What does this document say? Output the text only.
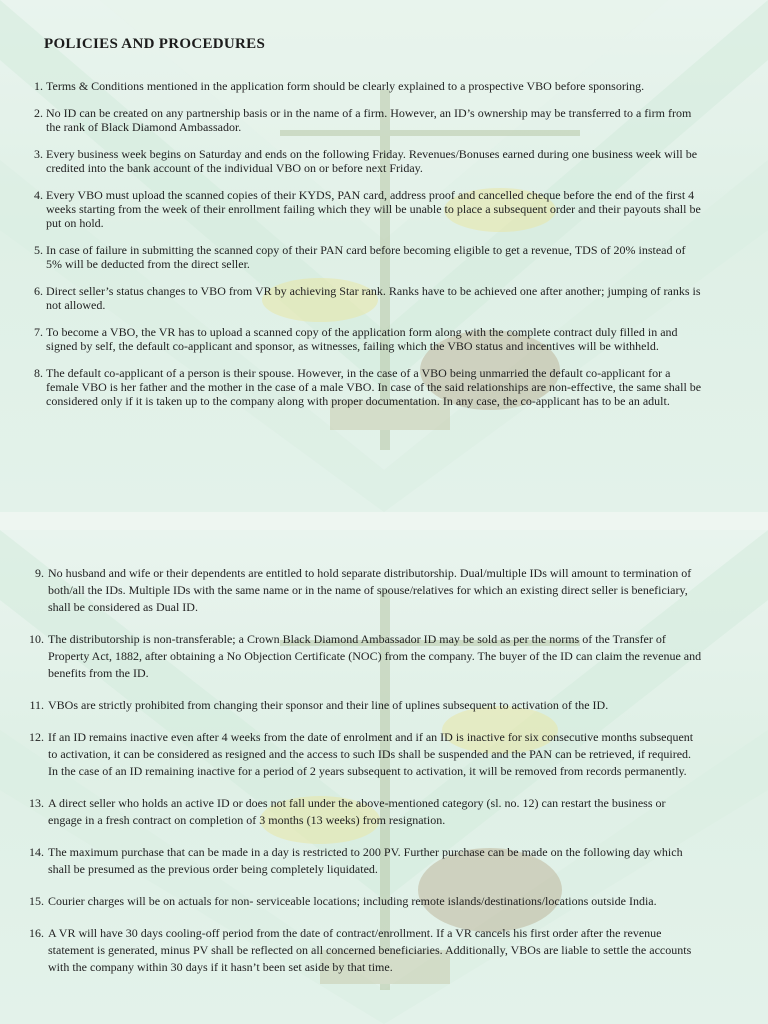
POLICIES AND PROCEDURES
1. Terms & Conditions mentioned in the application form should be clearly explained to a prospective VBO before sponsoring.
2. No ID can be created on any partnership basis or in the name of a firm. However, an ID’s ownership may be transferred to a firm from the rank of Black Diamond Ambassador.
3. Every business week begins on Saturday and ends on the following Friday. Revenues/Bonuses earned during one business week will be credited into the bank account of the individual VBO on or before next Friday.
4. Every VBO must upload the scanned copies of their KYDS, PAN card, address proof and cancelled cheque before the end of the first 4 weeks starting from the week of their enrollment failing which they will be unable to place a subsequent order and their payouts shall be put on hold.
5. In case of failure in submitting the scanned copy of their PAN card before becoming eligible to get a revenue, TDS of 20% instead of 5% will be deducted from the direct seller.
6. Direct seller’s status changes to VBO from VR by achieving Star rank. Ranks have to be achieved one after another; jumping of ranks is not allowed.
7. To become a VBO, the VR has to upload a scanned copy of the application form along with the complete contract duly filled in and signed by self, the default co-applicant and sponsor, as witnesses, failing which the VBO status and incentives will be withheld.
8. The default co-applicant of a person is their spouse. However, in the case of a VBO being unmarried the default co-applicant for a female VBO is her father and the mother in the case of a male VBO. In case of the said relationships are non-effective, the same shall be considered only if it is taken up to the company along with proper documentation. In any case, the co-applicant has to be an adult.
9. No husband and wife or their dependents are entitled to hold separate distributorship. Dual/multiple IDs will amount to termination of both/all the IDs. Multiple IDs with the same name or in the name of spouse/relatives for which an existing direct seller is beneficiary, shall be considered as Dual ID.
10. The distributorship is non-transferable; a Crown Black Diamond Ambassador ID may be sold as per the norms of the Transfer of Property Act, 1882, after obtaining a No Objection Certificate (NOC) from the company. The buyer of the ID can claim the revenue and benefits from the ID.
11. VBOs are strictly prohibited from changing their sponsor and their line of uplines subsequent to activation of the ID.
12. If an ID remains inactive even after 4 weeks from the date of enrolment and if an ID is inactive for six consecutive months subsequent to activation, it can be considered as resigned and the access to such IDs shall be suspended and the PAN can be retrieved, if required. In the case of an ID remaining inactive for a period of 2 years subsequent to activation, it will be removed from records permanently.
13. A direct seller who holds an active ID or does not fall under the above-mentioned category (sl. no. 12) can restart the business or engage in a fresh contract on completion of 3 months (13 weeks) from resignation.
14. The maximum purchase that can be made in a day is restricted to 200 PV. Further purchase can be made on the following day which shall be presumed as the previous order being completely liquidated.
15. Courier charges will be on actuals for non- serviceable locations; including remote islands/destinations/locations outside India.
16. A VR will have 30 days cooling-off period from the date of contract/enrollment. If a VR cancels his first order after the revenue statement is generated, minus PV shall be reflected on all concerned beneficiaries. Additionally, VBOs are liable to settle the accounts with the company within 30 days if it hasn’t been set aside by that time.
